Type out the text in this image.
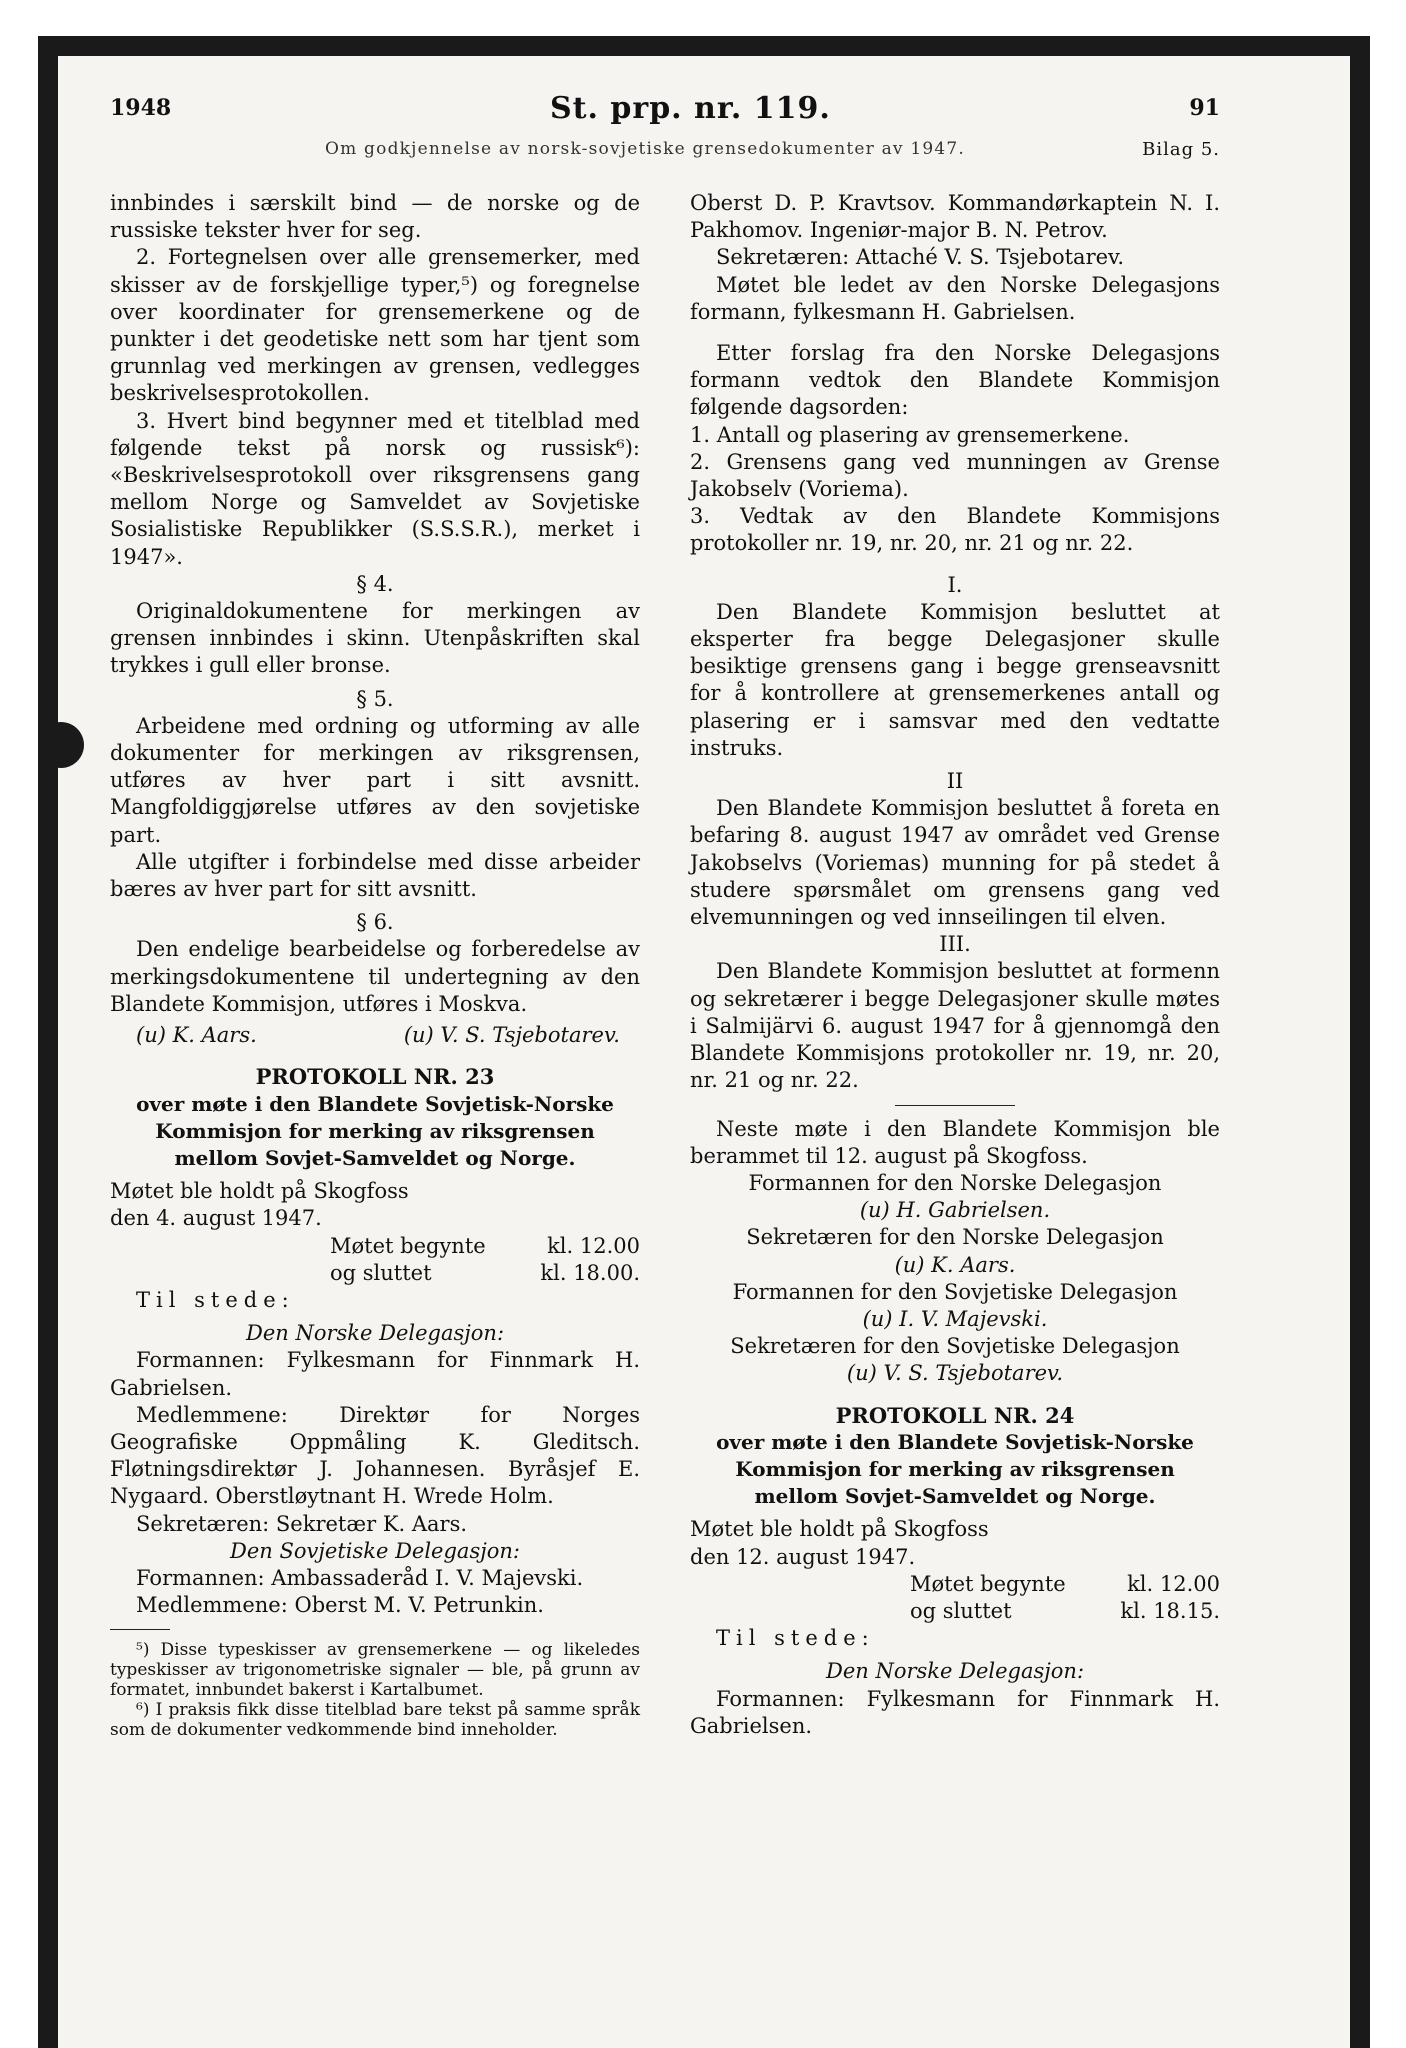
1948	St. prp. nr. 119.	91
Om godkjennelse av norsk-sovjetiske grensedokumenter av 1947.	Bilag 5.

innbindes i særskilt bind — de norske og de russiske tekster hver for seg.

2. Fortegnelsen over alle grensemerker, med skisser av de forskjellige typer,⁵) og foregnelse over koordinater for grensemerkene og de punkter i det geodetiske nett som har tjent som grunnlag ved merkingen av grensen, vedlegges beskrivelsesprotokollen.

3. Hvert bind begynner med et titelblad med følgende tekst på norsk og russisk⁶): «Beskrivelsesprotokoll over riksgrensens gang mellom Norge og Samveldet av Sovjetiske Sosialistiske Republikker (S.S.S.R.), merket i 1947».

§ 4.

Originaldokumentene for merkingen av grensen innbindes i skinn. Utenpåskriften skal trykkes i gull eller bronse.

§ 5.

Arbeidene med ordning og utforming av alle dokumenter for merkingen av riksgrensen, utføres av hver part i sitt avsnitt. Mangfoldiggjørelse utføres av den sovjetiske part.

Alle utgifter i forbindelse med disse arbeider bæres av hver part for sitt avsnitt.

§ 6.

Den endelige bearbeidelse og forberedelse av merkingsdokumentene til undertegning av den Blandete Kommisjon, utføres i Moskva.

(u) K. Aars.	(u) V. S. Tsjebotarev.

PROTOKOLL NR. 23

over møte i den Blandete Sovjetisk-Norske Kommisjon for merking av riksgrensen mellom Sovjet-Samveldet og Norge.

Møtet ble holdt på Skogfoss

den 4. august 1947.

Møtet begynte	kl. 12.00
og sluttet	kl. 18.00.

Til stede:

Den Norske Delegasjon:

Formannen: Fylkesmann for Finnmark H. Gabrielsen.

Medlemmene: Direktør for Norges Geografiske Oppmåling K. Gleditsch. Fløtningsdirektør J. Johannesen. Byråsjef E. Nygaard. Oberstløytnant H. Wrede Holm.

Sekretæren: Sekretær K. Aars.

Den Sovjetiske Delegasjon:

Formannen: Ambassaderåd I. V. Majevski.

Medlemmene: Oberst M. V. Petrunkin.

⁵) Disse typeskisser av grensemerkene — og likeledes typeskisser av trigonometriske signaler — ble, på grunn av formatet, innbundet bakerst i Kartalbumet.

⁶) I praksis fikk disse titelblad bare tekst på samme språk som de dokumenter vedkommende bind inneholder.

Oberst D. P. Kravtsov. Kommandørkaptein N. I. Pakhomov. Ingeniør-major B. N. Petrov.

Sekretæren: Attaché V. S. Tsjebotarev.

Møtet ble ledet av den Norske Delegasjons formann, fylkesmann H. Gabrielsen.

Etter forslag fra den Norske Delegasjons formann vedtok den Blandete Kommisjon følgende dagsorden:

1. Antall og plasering av grensemerkene.

2. Grensens gang ved munningen av Grense Jakobselv (Voriema).

3. Vedtak av den Blandete Kommisjons protokoller nr. 19, nr. 20, nr. 21 og nr. 22.

I.

Den Blandete Kommisjon besluttet at eksperter fra begge Delegasjoner skulle besiktige grensens gang i begge grenseavsnitt for å kontrollere at grensemerkenes antall og plasering er i samsvar med den vedtatte instruks.

II

Den Blandete Kommisjon besluttet å foreta en befaring 8. august 1947 av området ved Grense Jakobselvs (Voriemas) munning for på stedet å studere spørsmålet om grensens gang ved elvemunningen og ved innseilingen til elven.

III.

Den Blandete Kommisjon besluttet at formenn og sekretærer i begge Delegasjoner skulle møtes i Salmijärvi 6. august 1947 for å gjennomgå den Blandete Kommisjons protokoller nr. 19, nr. 20, nr. 21 og nr. 22.

Neste møte i den Blandete Kommisjon ble berammet til 12. august på Skogfoss.

Formannen for den Norske Delegasjon

(u) H. Gabrielsen.

Sekretæren for den Norske Delegasjon

(u) K. Aars.

Formannen for den Sovjetiske Delegasjon

(u) I. V. Majevski.

Sekretæren for den Sovjetiske Delegasjon

(u) V. S. Tsjebotarev.

PROTOKOLL NR. 24

over møte i den Blandete Sovjetisk-Norske Kommisjon for merking av riksgrensen mellom Sovjet-Samveldet og Norge.

Møtet ble holdt på Skogfoss

den 12. august 1947.

Møtet begynte	kl. 12.00
og sluttet	kl. 18.15.

Til stede:

Den Norske Delegasjon:

Formannen: Fylkesmann for Finnmark H. Gabrielsen.
